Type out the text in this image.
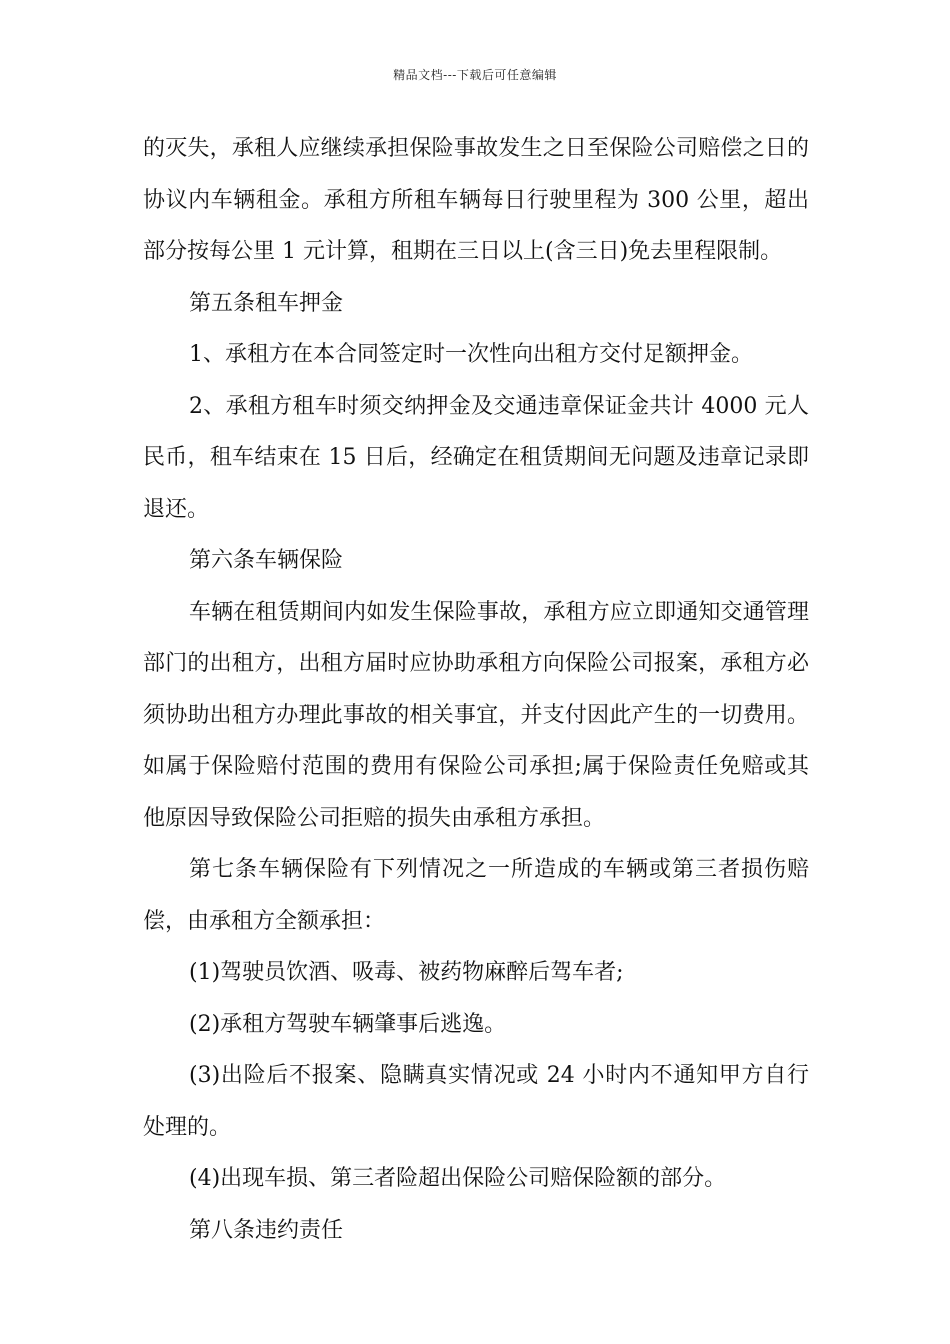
精品文档---下载后可任意编辑

的灭失，承租人应继续承担保险事故发生之日至保险公司赔偿之日的协议内车辆租金。承租方所租车辆每日行驶里程为 300 公里，超出部分按每公里 1 元计算，租期在三日以上(含三日)免去里程限制。

第五条租车押金

1、承租方在本合同签定时一次性向出租方交付足额押金。

2、承租方租车时须交纳押金及交通违章保证金共计 4000 元人民币，租车结束在 15 日后，经确定在租赁期间无问题及违章记录即退还。

第六条车辆保险

车辆在租赁期间内如发生保险事故，承租方应立即通知交通管理部门的出租方，出租方届时应协助承租方向保险公司报案，承租方必须协助出租方办理此事故的相关事宜，并支付因此产生的一切费用。如属于保险赔付范围的费用有保险公司承担;属于保险责任免赔或其他原因导致保险公司拒赔的损失由承租方承担。

第七条车辆保险有下列情况之一所造成的车辆或第三者损伤赔偿，由承租方全额承担：

(1)驾驶员饮酒、吸毒、被药物麻醉后驾车者;

(2)承租方驾驶车辆肇事后逃逸。

(3)出险后不报案、隐瞒真实情况或 24 小时内不通知甲方自行处理的。

(4)出现车损、第三者险超出保险公司赔保险额的部分。

第八条违约责任
